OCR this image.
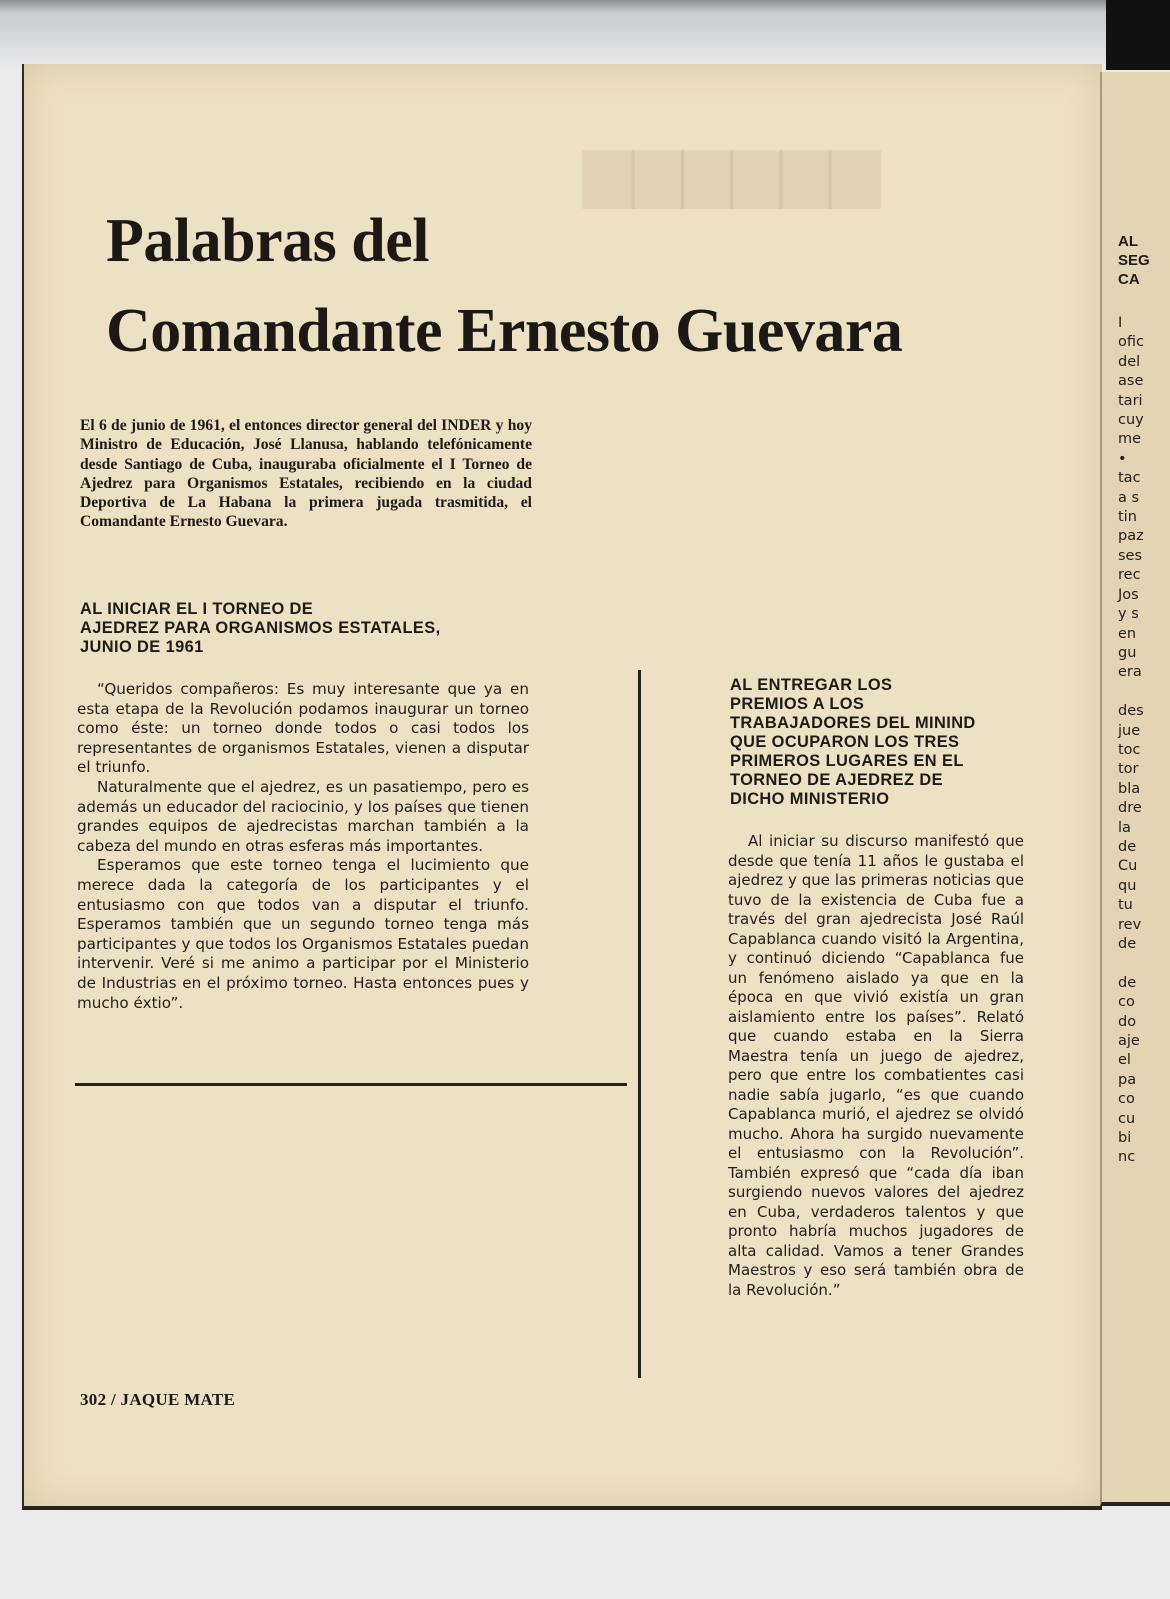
▆▆▆▆▆▆
Palabras del
Comandante Ernesto Guevara

El 6 de junio de 1961, el entonces director general del INDER y hoy Ministro de Educación, José Llanusa, hablando telefónicamente desde Santiago de Cuba, inauguraba oficialmente el I Torneo de Ajedrez para Organismos Estatales, recibiendo en la ciudad Deportiva de La Habana la primera jugada trasmitida, el Comandante Ernesto Guevara.

AL INICIAR EL I TORNEO DE
AJEDREZ PARA ORGANISMOS ESTATALES,
JUNIO DE 1961

“Queridos compañeros: Es muy interesante que ya en esta etapa de la Revolución podamos inaugurar un torneo como éste: un torneo donde todos o casi todos los representantes de organismos Estatales, vienen a disputar el triunfo.

Naturalmente que el ajedrez, es un pasatiempo, pero es además un educador del raciocinio, y los países que tienen grandes equipos de ajedrecistas marchan también a la cabeza del mundo en otras esferas más importantes.

Esperamos que este torneo tenga el lucimiento que merece dada la categoría de los participantes y el entusiasmo con que todos van a disputar el triunfo. Esperamos también que un segundo torneo tenga más participantes y que todos los Organismos Estatales puedan intervenir. Veré si me animo a participar por el Ministerio de Industrias en el próximo torneo. Hasta entonces pues y mucho éxtio”.

AL ENTREGAR LOS
PREMIOS A LOS
TRABAJADORES DEL MININD
QUE OCUPARON LOS TRES
PRIMEROS LUGARES EN EL
TORNEO DE AJEDREZ DE
DICHO MINISTERIO

Al iniciar su discurso manifestó que desde que tenía 11 años le gustaba el ajedrez y que las primeras noticias que tuvo de la existencia de Cuba fue a través del gran ajedrecista José Raúl Capablanca cuando visitó la Argentina, y continuó diciendo “Capablanca fue un fenómeno aislado ya que en la época en que vivió existía un gran aislamiento entre los países”. Relató que cuando estaba en la Sierra Maestra tenía un juego de ajedrez, pero que entre los combatientes casi nadie sabía jugarlo, “es que cuando Capablanca murió, el ajedrez se olvidó mucho. Ahora ha surgido nuevamente el entusiasmo con la Revolución”. También expresó que “cada día iban surgiendo nuevos valores del ajedrez en Cuba, verdaderos talentos y que pronto habría muchos jugadores de alta calidad. Vamos a tener Grandes Maestros y eso será también obra de la Revolución.”

302 / JAQUE MATE
AL
SEG
CA
I
ofic
del
ase
tari
cuy
me
•
tac
a s
tin
paz
ses
rec
Jos
y s
en
gu
era

des
jue
toc
tor
bla
dre
la
de
Cu
qu
tu
rev
de

de
co
do
aje
el
pa
co
cu
bi
nc
